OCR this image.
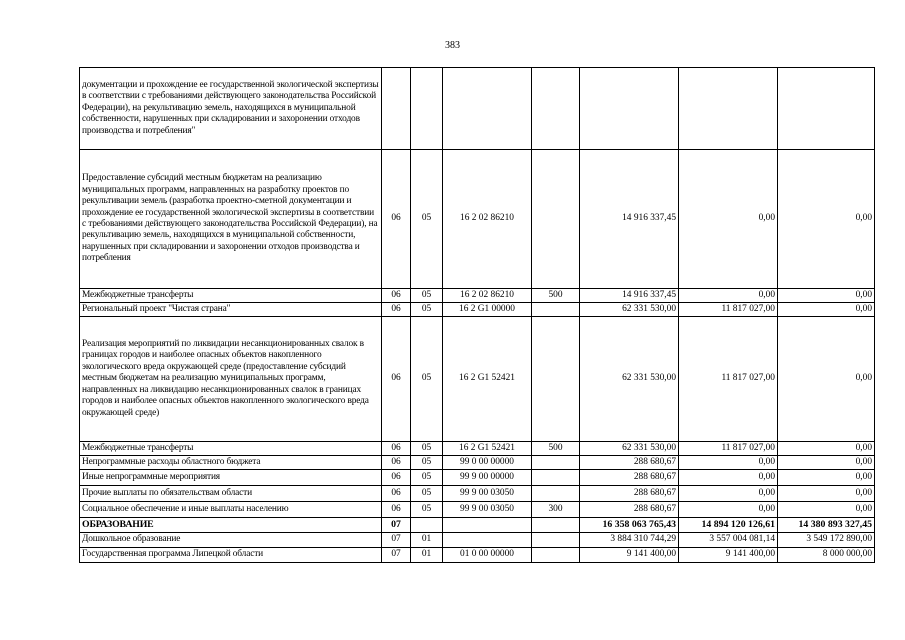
383
документации и прохождение ее государственной экологической экспертизы в соответствии с требованиями действующего законодательства Российской Федерации), на рекультивацию земель, находящихся в муниципальной собственности, нарушенных при складировании и захоронении отходов производства и потребления"							
Предоставление субсидий местным бюджетам на реализацию муниципальных программ, направленных на разработку проектов по рекультивации земель (разработка проектно-сметной документации и прохождение ее государственной экологической экспертизы в соответствии с требованиями действующего законодательства Российской Федерации), на рекультивацию земель, находящихся в муниципальной собственности, нарушенных при складировании и захоронении отходов производства и потребления	06	05	16 2 02 86210		14 916 337,45	0,00	0,00
Межбюджетные трансферты	06	05	16 2 02 86210	500	14 916 337,45	0,00	0,00
Региональный проект "Чистая страна"	06	05	16 2 G1 00000		62 331 530,00	11 817 027,00	0,00
Реализация мероприятий по ликвидации несанкционированных свалок в границах городов и наиболее опасных объектов накопленного экологического вреда окружающей среде (предоставление субсидий местным бюджетам на реализацию муниципальных программ, направленных на ликвидацию несанкционированных свалок в границах городов и наиболее опасных объектов накопленного экологического вреда окружающей среде)	06	05	16 2 G1 52421		62 331 530,00	11 817 027,00	0,00
Межбюджетные трансферты	06	05	16 2 G1 52421	500	62 331 530,00	11 817 027,00	0,00
Непрограммные расходы областного бюджета	06	05	99 0 00 00000		288 680,67	0,00	0,00
Иные непрограммные мероприятия	06	05	99 9 00 00000		288 680,67	0,00	0,00
Прочие выплаты по обязательствам области	06	05	99 9 00 03050		288 680,67	0,00	0,00
Социальное обеспечение и иные выплаты населению	06	05	99 9 00 03050	300	288 680,67	0,00	0,00
ОБРАЗОВАНИЕ	07				16 358 063 765,43	14 894 120 126,61	14 380 893 327,45
Дошкольное образование	07	01			3 884 310 744,29	3 557 004 081,14	3 549 172 890,00
Государственная программа Липецкой области	07	01	01 0 00 00000		9 141 400,00	9 141 400,00	8 000 000,00
